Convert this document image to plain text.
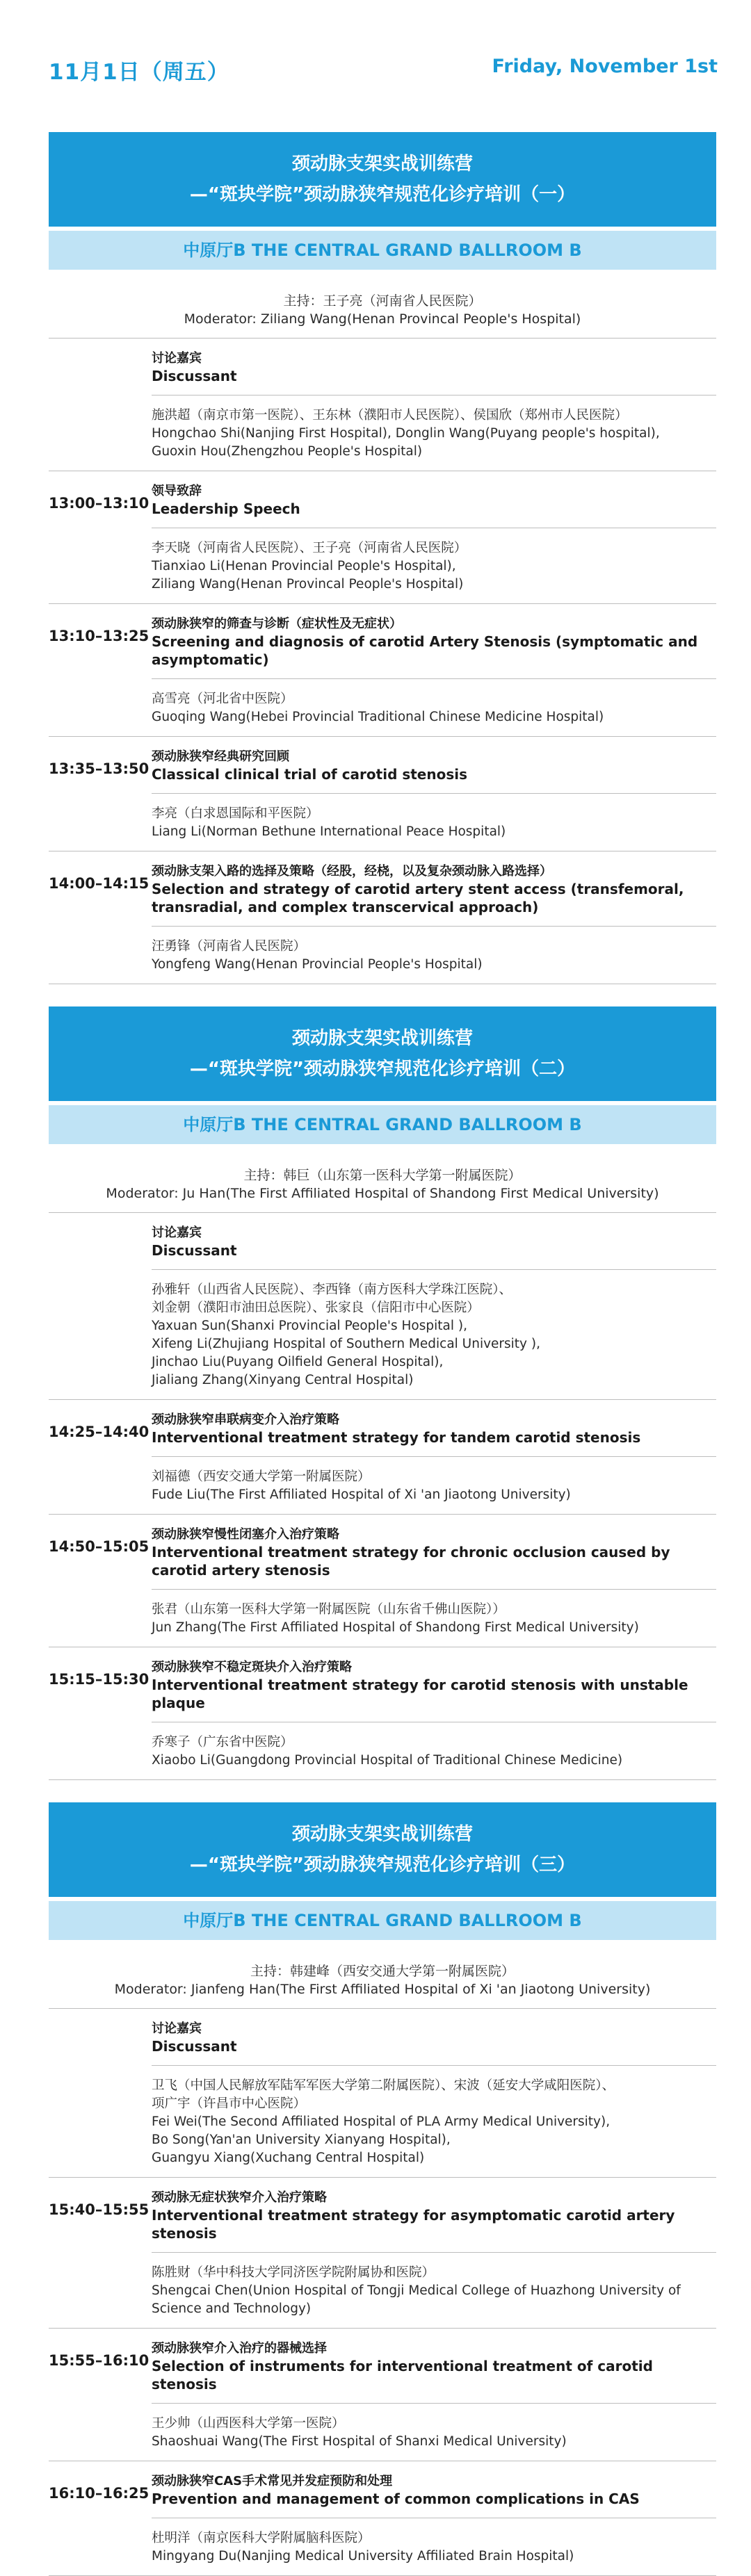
11月1日（周五）	Friday, November 1st
颈动脉支架实战训练营
—“斑块学院”颈动脉狭窄规范化诊疗培训（一）
中原厅B THE CENTRAL GRAND BALLROOM B
主持：王子亮（河南省人民医院）
Moderator: Ziliang Wang(Henan Provincal People's Hospital)
讨论嘉宾
Discussant
施洪超（南京市第一医院）、王东林（濮阳市人民医院）、侯国欣（郑州市人民医院）
Hongchao Shi(Nanjing First Hospital), Donglin Wang(Puyang people's hospital),
Guoxin Hou(Zhengzhou People's Hospital)
13:00–13:10
领导致辞
Leadership Speech
李天晓（河南省人民医院）、王子亮（河南省人民医院）
Tianxiao Li(Henan Provincial People's Hospital),
Ziliang Wang(Henan Provincal People's Hospital)
13:10–13:25
颈动脉狭窄的筛查与诊断（症状性及无症状）
Screening and diagnosis of carotid Artery Stenosis (symptomatic and asymptomatic)
高雪亮（河北省中医院）
Guoqing Wang(Hebei Provincial Traditional Chinese Medicine Hospital)
13:35–13:50
颈动脉狭窄经典研究回顾
Classical clinical trial of carotid stenosis
李亮（白求恩国际和平医院）
Liang Li(Norman Bethune International Peace Hospital)
14:00–14:15
颈动脉支架入路的选择及策略（经股，经桡，以及复杂颈动脉入路选择）
Selection and strategy of carotid artery stent access (transfemoral, transradial, and complex transcervical approach)
汪勇锋（河南省人民医院）
Yongfeng Wang(Henan Provincial People's Hospital)
颈动脉支架实战训练营
—“斑块学院”颈动脉狭窄规范化诊疗培训（二）
中原厅B THE CENTRAL GRAND BALLROOM B
主持：韩巨（山东第一医科大学第一附属医院）
Moderator: Ju Han(The First Affiliated Hospital of Shandong First Medical University)
讨论嘉宾
Discussant
孙雅轩（山西省人民医院）、李西锋（南方医科大学珠江医院）、
刘金朝（濮阳市油田总医院）、张家良（信阳市中心医院）
Yaxuan Sun(Shanxi Provincial People's Hospital ),
Xifeng Li(Zhujiang Hospital of Southern Medical University ),
Jinchao Liu(Puyang Oilfield General Hospital),
Jialiang Zhang(Xinyang Central Hospital)
14:25–14:40
颈动脉狭窄串联病变介入治疗策略
Interventional treatment strategy for tandem carotid stenosis
刘福德（西安交通大学第一附属医院）
Fude Liu(The First Affiliated Hospital of Xi 'an Jiaotong University)
14:50–15:05
颈动脉狭窄慢性闭塞介入治疗策略
Interventional treatment strategy for chronic occlusion caused by carotid artery stenosis
张君（山东第一医科大学第一附属医院（山东省千佛山医院））
Jun Zhang(The First Affiliated Hospital of Shandong First Medical University)
15:15–15:30
颈动脉狭窄不稳定斑块介入治疗策略
Interventional treatment strategy for carotid stenosis with unstable plaque
乔寒子（广东省中医院）
Xiaobo Li(Guangdong Provincial Hospital of Traditional Chinese Medicine)
颈动脉支架实战训练营
—“斑块学院”颈动脉狭窄规范化诊疗培训（三）
中原厅B THE CENTRAL GRAND BALLROOM B
主持：韩建峰（西安交通大学第一附属医院）
Moderator: Jianfeng Han(The First Affiliated Hospital of Xi 'an Jiaotong University)
讨论嘉宾
Discussant
卫飞（中国人民解放军陆军军医大学第二附属医院）、宋波（延安大学咸阳医院）、
项广宇（许昌市中心医院）
Fei Wei(The Second Affiliated Hospital of PLA Army Medical University),
Bo Song(Yan'an University Xianyang Hospital),
Guangyu Xiang(Xuchang Central Hospital)
15:40–15:55
颈动脉无症状狭窄介入治疗策略
Interventional treatment strategy for asymptomatic carotid artery stenosis
陈胜财（华中科技大学同济医学院附属协和医院）
Shengcai Chen(Union Hospital of Tongji Medical College of Huazhong University of Science and Technology)
15:55–16:10
颈动脉狭窄介入治疗的器械选择
Selection of instruments for interventional treatment of carotid stenosis
王少帅（山西医科大学第一医院）
Shaoshuai Wang(The First Hospital of Shanxi Medical University)
16:10–16:25
颈动脉狭窄CAS手术常见并发症预防和处理
Prevention and management of common complications in CAS
杜明洋（南京医科大学附属脑科医院）
Mingyang Du(Nanjing Medical University Affiliated Brain Hospital)
